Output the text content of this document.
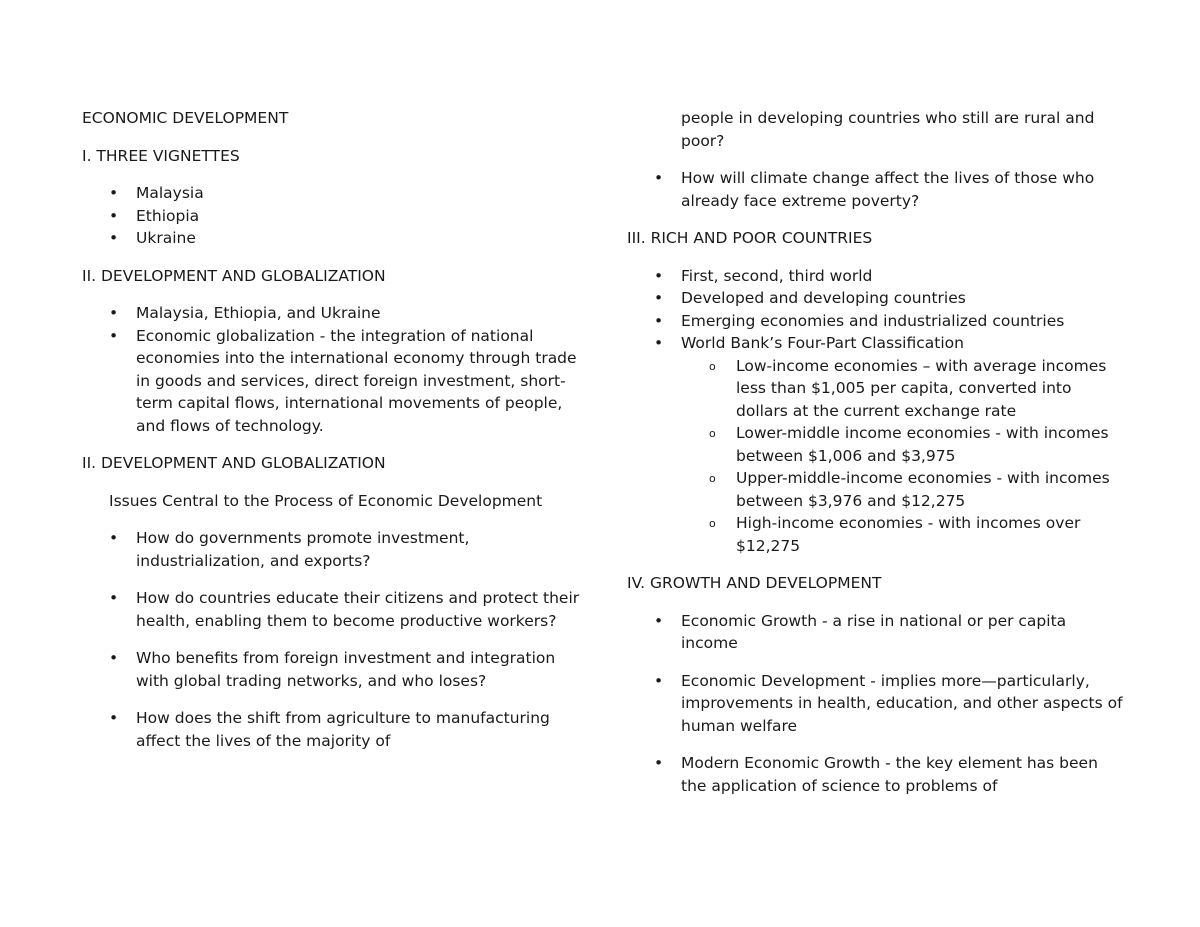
ECONOMIC DEVELOPMENT

I. THREE VIGNETTES

• Malaysia
• Ethiopia
• Ukraine

II. DEVELOPMENT AND GLOBALIZATION

• Malaysia, Ethiopia, and Ukraine
• Economic globalization - the integration of national economies into the international economy through trade in goods and services, direct foreign investment, short-term capital flows, international movements of people, and flows of technology.

II. DEVELOPMENT AND GLOBALIZATION

Issues Central to the Process of Economic Development

• How do governments promote investment, industrialization, and exports?
• How do countries educate their citizens and protect their health, enabling them to become productive workers?
• Who benefits from foreign investment and integration with global trading networks, and who loses?
• How does the shift from agriculture to manufacturing affect the lives of the majority of

people in developing countries who still are rural and poor?

• How will climate change affect the lives of those who already face extreme poverty?

III. RICH AND POOR COUNTRIES

• First, second, third world
• Developed and developing countries
• Emerging economies and industrialized countries
• World Bank’s Four-Part Classification
o Low-income economies – with average incomes less than $1,005 per capita, converted into dollars at the current exchange rate
o Lower-middle income economies - with incomes between $1,006 and $3,975
o Upper-middle-income economies - with incomes between $3,976 and $12,275
o High-income economies - with incomes over $12,275

IV. GROWTH AND DEVELOPMENT

• Economic Growth - a rise in national or per capita income
• Economic Development - implies more—particularly, improvements in health, education, and other aspects of human welfare
• Modern Economic Growth - the key element has been the application of science to problems of
